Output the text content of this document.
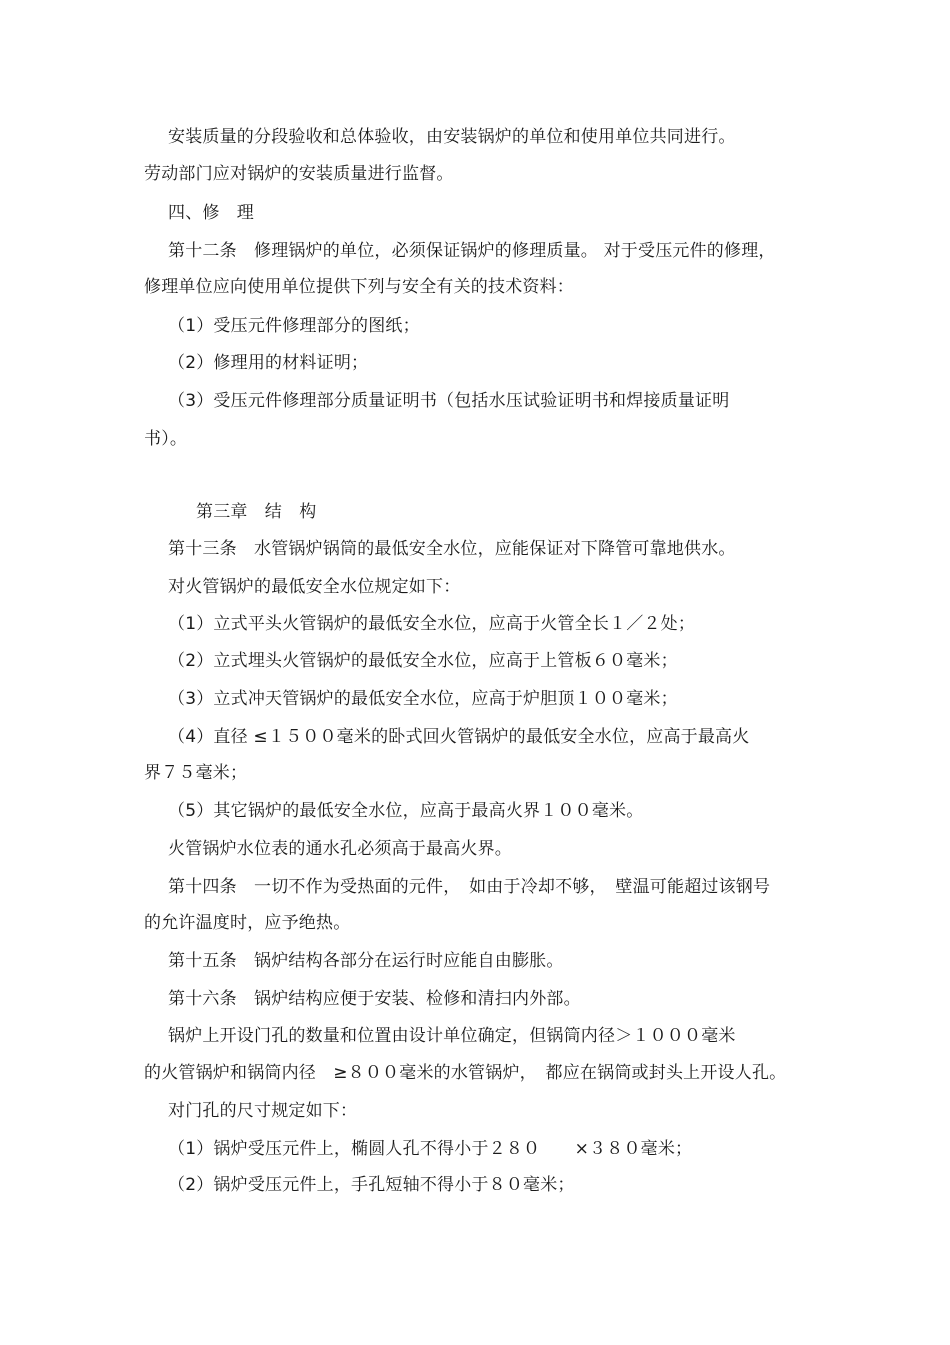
安装质量的分段验收和总体验收，由安装锅炉的单位和使用单位共同进行。
劳动部门应对锅炉的安装质量进行监督。
四、修　理
第十二条　修理锅炉的单位，必须保证锅炉的修理质量。 对于受压元件的修理，
修理单位应向使用单位提供下列与安全有关的技术资料：
（1）受压元件修理部分的图纸；
（2）修理用的材料证明；
（3）受压元件修理部分质量证明书（包括水压试验证明书和焊接质量证明
书）。
第三章　结　构
第十三条　水管锅炉锅筒的最低安全水位，应能保证对下降管可靠地供水。
对火管锅炉的最低安全水位规定如下：
（1）立式平头火管锅炉的最低安全水位，应高于火管全长１／２处；
（2）立式埋头火管锅炉的最低安全水位，应高于上管板６０毫米；
（3）立式冲天管锅炉的最低安全水位，应高于炉胆顶１００毫米；
（4）直径 ≤１５００毫米的卧式回火管锅炉的最低安全水位，应高于最高火
界７５毫米；
（5）其它锅炉的最低安全水位，应高于最高火界１００毫米。
火管锅炉水位表的通水孔必须高于最高火界。
第十四条　一切不作为受热面的元件，　如由于冷却不够，　壁温可能超过该钢号
的允许温度时，应予绝热。
第十五条　锅炉结构各部分在运行时应能自由膨胀。
第十六条　锅炉结构应便于安装、检修和清扫内外部。
锅炉上开设门孔的数量和位置由设计单位确定，但锅筒内径＞１０００毫米
的火管锅炉和锅筒内径　≥８００毫米的水管锅炉，　都应在锅筒或封头上开设人孔。
对门孔的尺寸规定如下：
（1）锅炉受压元件上，椭圆人孔不得小于２８０　　×３８０毫米；
（2）锅炉受压元件上，手孔短轴不得小于８０毫米；
